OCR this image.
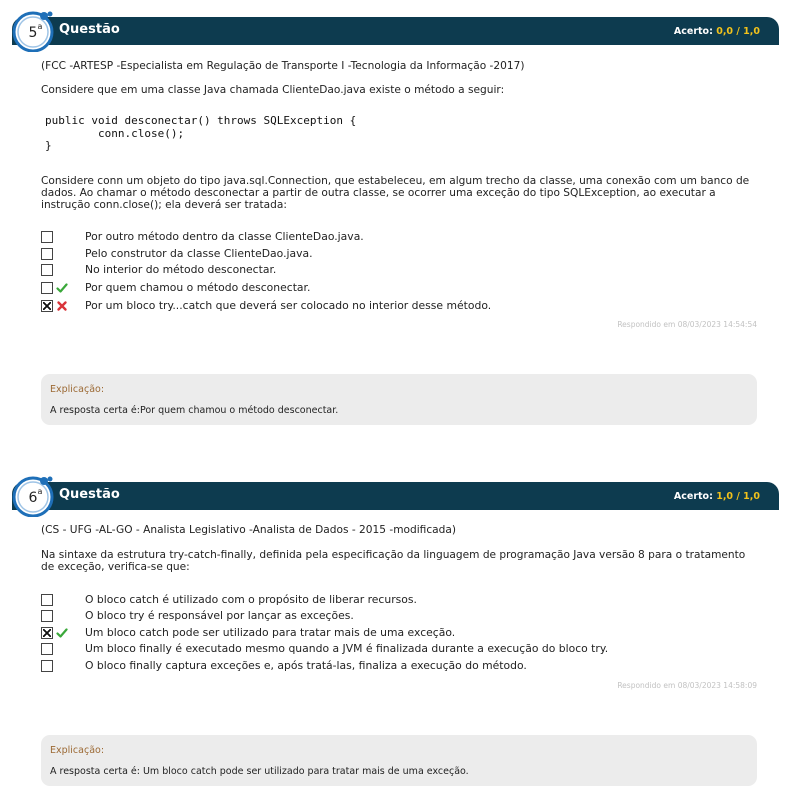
Questão	Acerto: 0,0 / 1,0
5 a
(FCC -ARTESP -Especialista em Regulação de Transporte I -Tecnologia da Informação -2017)
Considere que em uma classe Java chamada ClienteDao.java existe o método a seguir:
public void desconectar() throws SQLException {
conn.close();
}
Considere conn um objeto do tipo java.sql.Connection, que estabeleceu, em algum trecho da classe, uma conexão com um banco de dados. Ao chamar o método desconectar a partir de outra classe, se ocorrer uma exceção do tipo SQLException, ao executar a instrução conn.close(); ela deverá ser tratada:
Por outro método dentro da classe ClienteDao.java.
Pelo construtor da classe ClienteDao.java.
No interior do método desconectar.
Por quem chamou o método desconectar.
Por um bloco try...catch que deverá ser colocado no interior desse método.
Respondido em 08/03/2023 14:54:54
Explicação:
A resposta certa é:Por quem chamou o método desconectar.
Questão	Acerto: 1,0 / 1,0
6 a
(CS - UFG -AL-GO - Analista Legislativo -Analista de Dados - 2015 -modificada)
Na sintaxe da estrutura try-catch-finally, definida pela especificação da linguagem de programação Java versão 8 para o tratamento de exceção, verifica-se que:
O bloco catch é utilizado com o propósito de liberar recursos.
O bloco try é responsável por lançar as exceções.
Um bloco catch pode ser utilizado para tratar mais de uma exceção.
Um bloco finally é executado mesmo quando a JVM é finalizada durante a execução do bloco try.
O bloco finally captura exceções e, após tratá-las, finaliza a execução do método.
Respondido em 08/03/2023 14:58:09
Explicação:
A resposta certa é: Um bloco catch pode ser utilizado para tratar mais de uma exceção.
